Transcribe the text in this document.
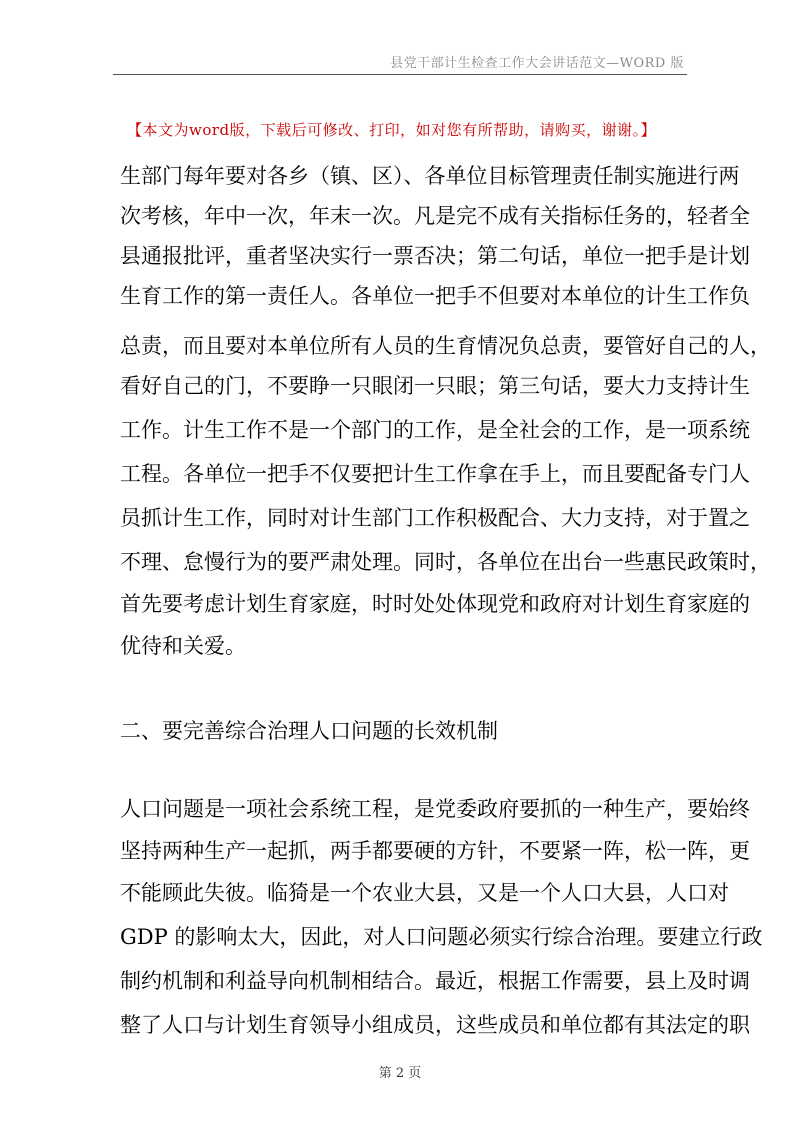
县党干部计生检查工作大会讲话范文—WORD 版
【本文为word版，下载后可修改、打印，如对您有所帮助，请购买，谢谢。】
生部门每年要对各乡（镇、区）、各单位目标管理责任制实施进行两
次考核，年中一次，年末一次。凡是完不成有关指标任务的，轻者全
县通报批评，重者坚决实行一票否决；第二句话，单位一把手是计划
生育工作的第一责任人。各单位一把手不但要对本单位的计生工作负
总责，而且要对本单位所有人员的生育情况负总责，要管好自己的人，
看好自己的门，不要睁一只眼闭一只眼；第三句话，要大力支持计生
工作。计生工作不是一个部门的工作，是全社会的工作，是一项系统
工程。各单位一把手不仅要把计生工作拿在手上，而且要配备专门人
员抓计生工作，同时对计生部门工作积极配合、大力支持，对于置之
不理、怠慢行为的要严肃处理。同时，各单位在出台一些惠民政策时，
首先要考虑计划生育家庭，时时处处体现党和政府对计划生育家庭的
优待和关爱。
二、要完善综合治理人口问题的长效机制
人口问题是一项社会系统工程，是党委政府要抓的一种生产，要始终
坚持两种生产一起抓，两手都要硬的方针，不要紧一阵，松一阵，更
不能顾此失彼。临猗是一个农业大县，又是一个人口大县，人口对
GDP 的影响太大，因此，对人口问题必须实行综合治理。要建立行政
制约机制和利益导向机制相结合。最近，根据工作需要，县上及时调
整了人口与计划生育领导小组成员，这些成员和单位都有其法定的职
第 2 页
